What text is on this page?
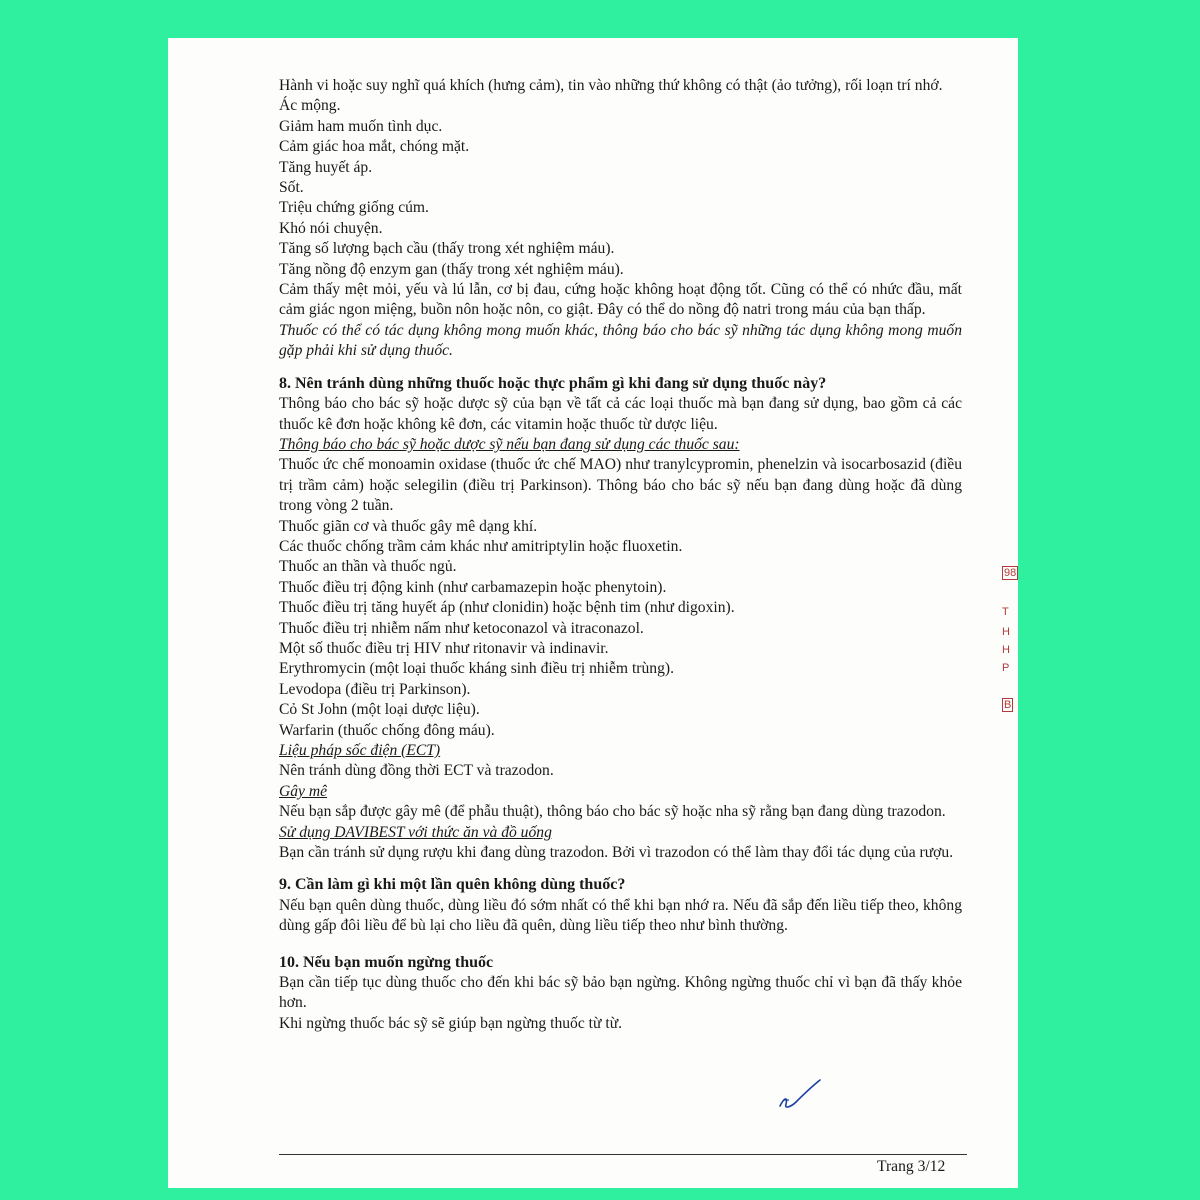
Hành vi hoặc suy nghĩ quá khích (hưng cảm), tin vào những thứ không có thật (ảo tưởng), rối loạn trí nhớ.

Ác mộng.

Giảm ham muốn tình dục.

Cảm giác hoa mắt, chóng mặt.

Tăng huyết áp.

Sốt.

Triệu chứng giống cúm.

Khó nói chuyện.

Tăng số lượng bạch cầu (thấy trong xét nghiệm máu).

Tăng nồng độ enzym gan (thấy trong xét nghiệm máu).

Cảm thấy mệt mỏi, yếu và lú lẫn, cơ bị đau, cứng hoặc không hoạt động tốt. Cũng có thể có nhức đầu, mất cảm giác ngon miệng, buồn nôn hoặc nôn, co giật. Đây có thể do nồng độ natri trong máu của bạn thấp.

Thuốc có thể có tác dụng không mong muốn khác, thông báo cho bác sỹ những tác dụng không mong muốn gặp phải khi sử dụng thuốc.

8. Nên tránh dùng những thuốc hoặc thực phẩm gì khi đang sử dụng thuốc này?

Thông báo cho bác sỹ hoặc dược sỹ của bạn về tất cả các loại thuốc mà bạn đang sử dụng, bao gồm cả các thuốc kê đơn hoặc không kê đơn, các vitamin hoặc thuốc từ dược liệu.

Thông báo cho bác sỹ hoặc dược sỹ nếu bạn đang sử dụng các thuốc sau:

Thuốc ức chế monoamin oxidase (thuốc ức chế MAO) như tranylcypromin, phenelzin và isocarbosazid (điều trị trầm cảm) hoặc selegilin (điều trị Parkinson). Thông báo cho bác sỹ nếu bạn đang dùng hoặc đã dùng trong vòng 2 tuần.

Thuốc giãn cơ và thuốc gây mê dạng khí.

Các thuốc chống trầm cảm khác như amitriptylin hoặc fluoxetin.

Thuốc an thần và thuốc ngủ.

Thuốc điều trị động kinh (như carbamazepin hoặc phenytoin).

Thuốc điều trị tăng huyết áp (như clonidin) hoặc bệnh tim (như digoxin).

Thuốc điều trị nhiễm nấm như ketoconazol và itraconazol.

Một số thuốc điều trị HIV như ritonavir và indinavir.

Erythromycin (một loại thuốc kháng sinh điều trị nhiễm trùng).

Levodopa (điều trị Parkinson).

Cỏ St John (một loại dược liệu).

Warfarin (thuốc chống đông máu).

Liệu pháp sốc điện (ECT)

Nên tránh dùng đồng thời ECT và trazodon.

Gây mê

Nếu bạn sắp được gây mê (để phẫu thuật), thông báo cho bác sỹ hoặc nha sỹ rằng bạn đang dùng trazodon.

Sử dụng DAVIBEST với thức ăn và đồ uống

Bạn cần tránh sử dụng rượu khi đang dùng trazodon. Bởi vì trazodon có thể làm thay đổi tác dụng của rượu.

9. Cần làm gì khi một lần quên không dùng thuốc?

Nếu bạn quên dùng thuốc, dùng liều đó sớm nhất có thể khi bạn nhớ ra. Nếu đã sắp đến liều tiếp theo, không dùng gấp đôi liều để bù lại cho liều đã quên, dùng liều tiếp theo như bình thường.

10. Nếu bạn muốn ngừng thuốc

Bạn cần tiếp tục dùng thuốc cho đến khi bác sỹ bảo bạn ngừng. Không ngừng thuốc chỉ vì bạn đã thấy khỏe hơn.

Khi ngừng thuốc bác sỹ sẽ giúp bạn ngừng thuốc từ từ.

98
T
H
H
P
B
Trang 3/12
